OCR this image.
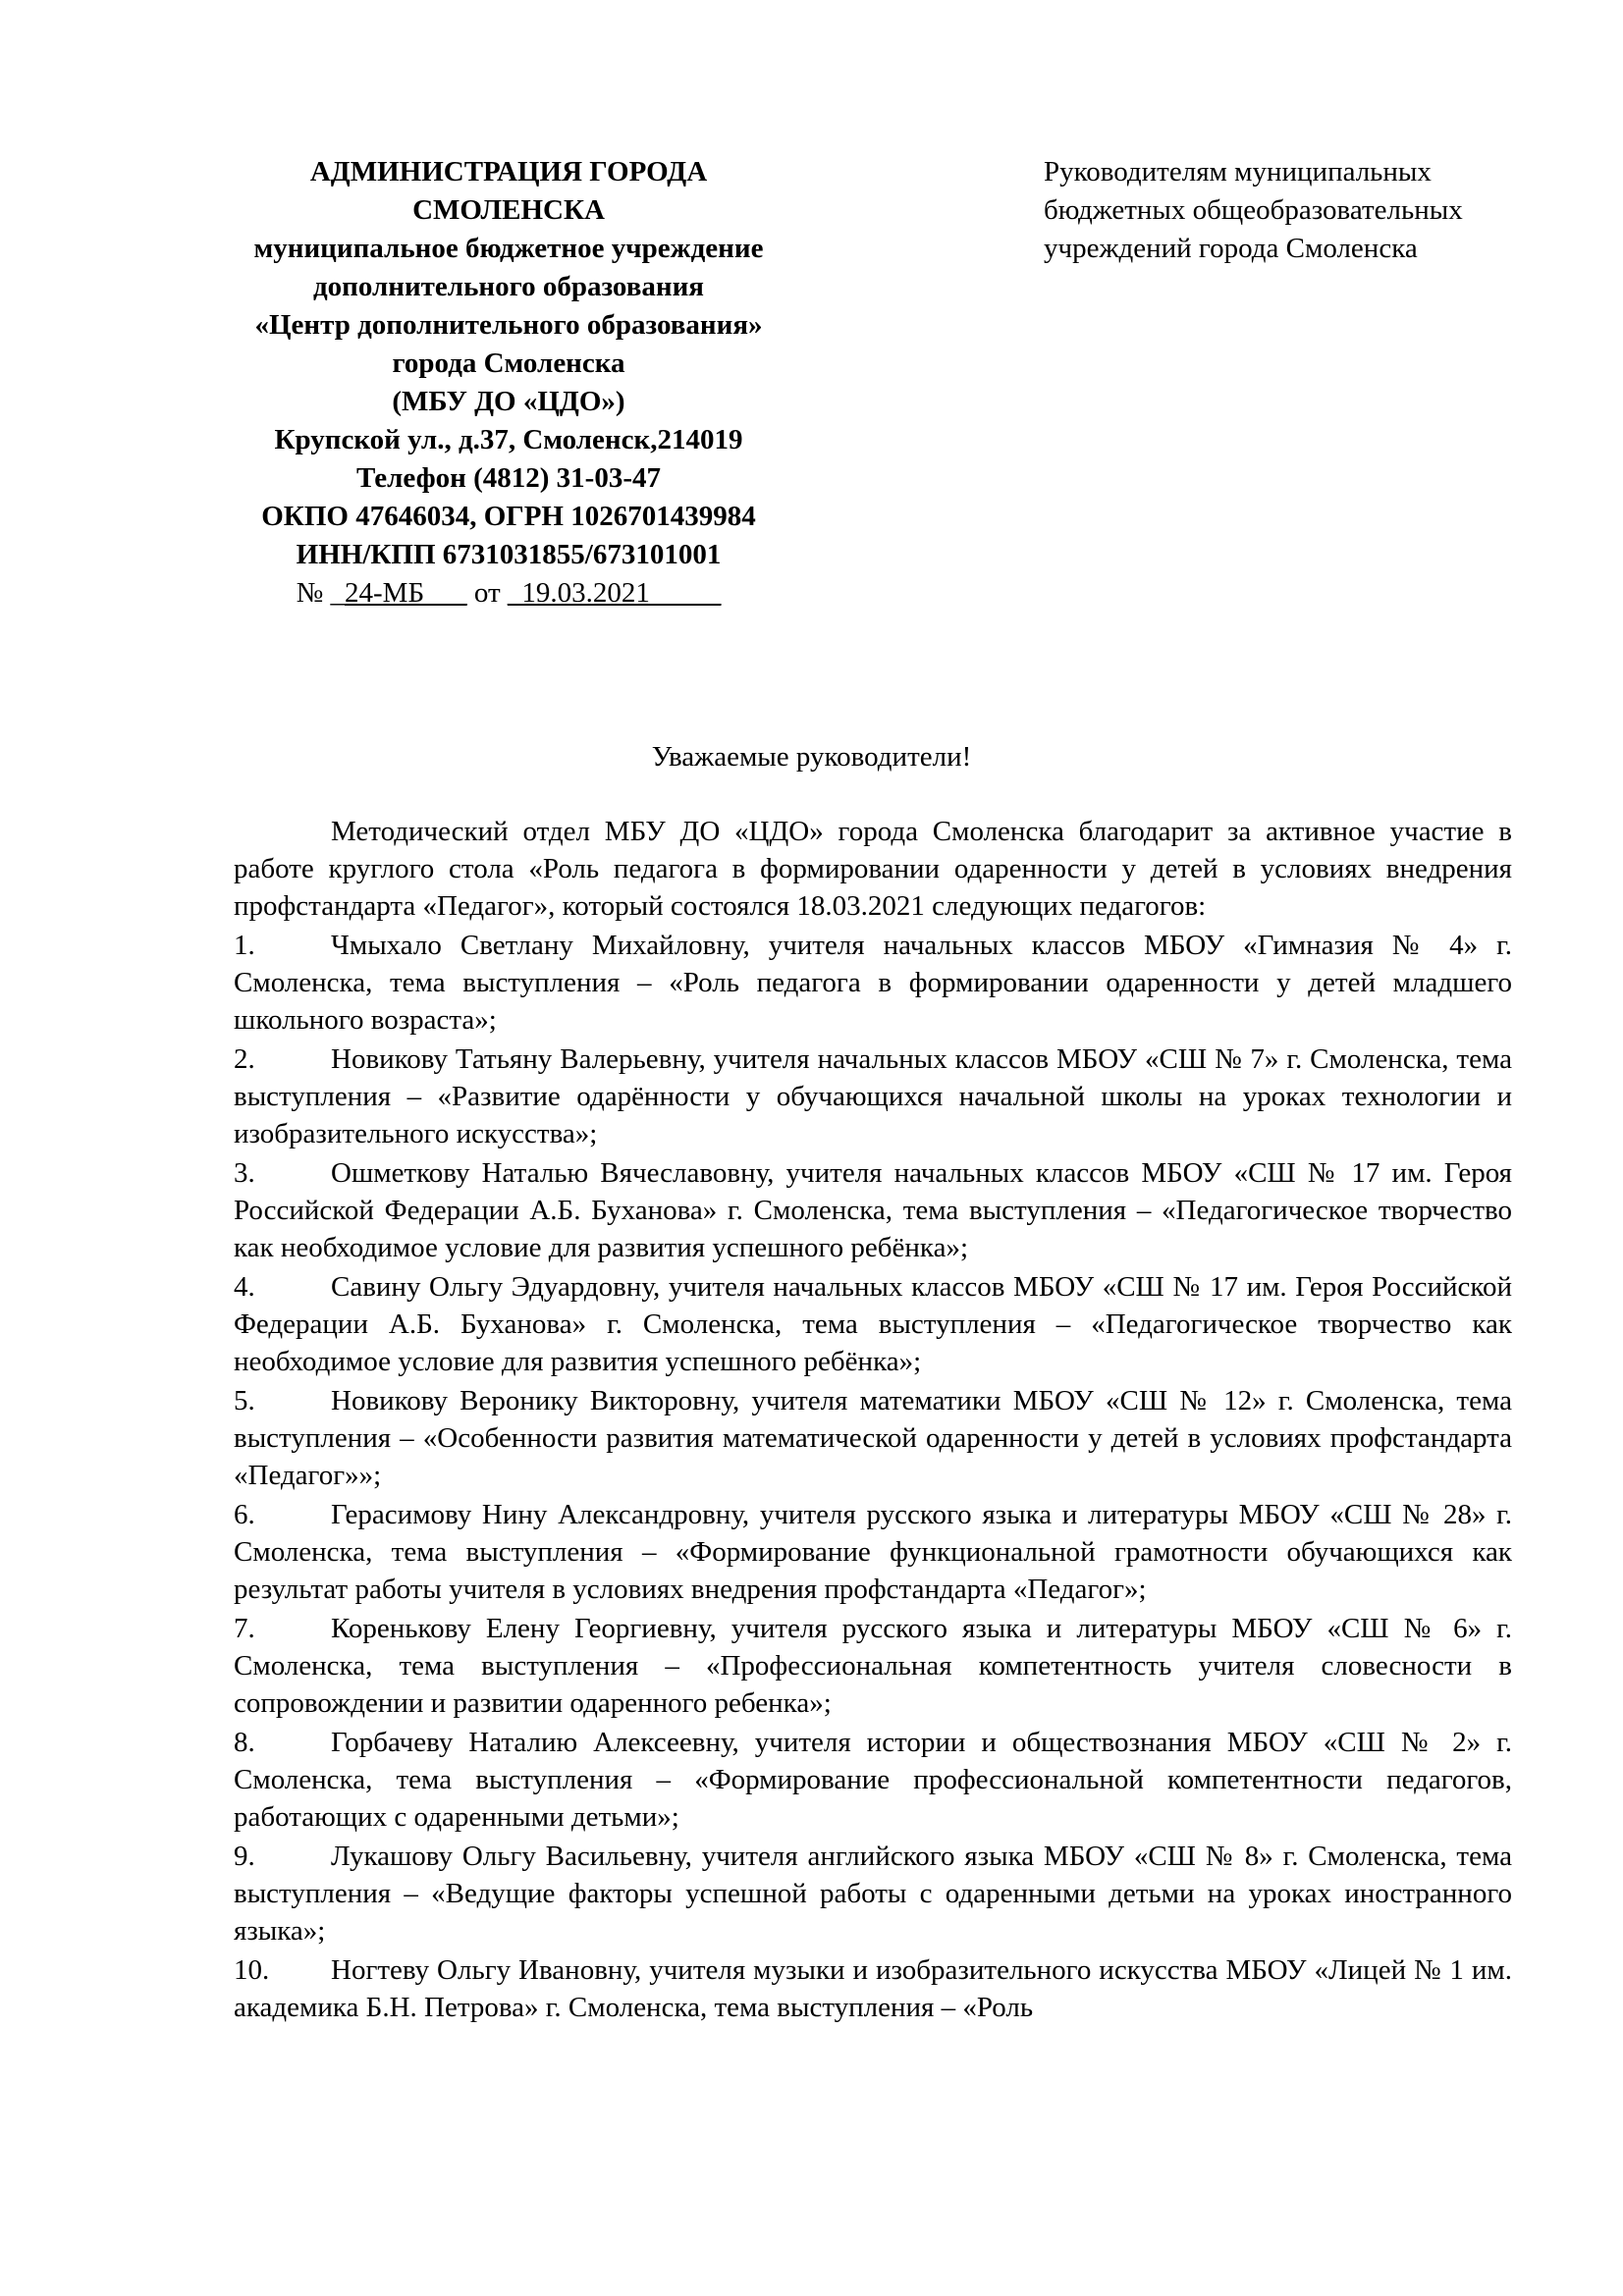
АДМИНИСТРАЦИЯ ГОРОДА
СМОЛЕНСКА
муниципальное бюджетное учреждение
дополнительного образования
«Центр дополнительного образования»
города Смоленска
(МБУ ДО «ЦДО»)
Крупской ул., д.37, Смоленск,214019
Телефон (4812) 31-03-47
ОКПО 47646034, ОГРН 1026701439984
ИНН/КПП 6731031855/673101001
№ _24-МБ___ от _19.03.2021_____
Руководителям муниципальных
бюджетных общеобразовательных
учреждений города Смоленска
Уважаемые руководители!

Методический отдел МБУ ДО «ЦДО» города Смоленска благодарит за активное участие в работе круглого стола «Роль педагога в формировании одаренности у детей в условиях внедрения профстандарта «Педагог», который состоялся 18.03.2021 следующих педагогов:

1.	Чмыхало Светлану Михайловну, учителя начальных классов МБОУ «Гимназия № 4» г. Смоленска, тема выступления – «Роль педагога в формировании одаренности у детей младшего школьного возраста»;

2.	Новикову Татьяну Валерьевну, учителя начальных классов МБОУ «СШ № 7» г. Смоленска, тема выступления – «Развитие одарённости у обучающихся начальной школы на уроках технологии и изобразительного искусства»;

3.	Ошметкову Наталью Вячеславовну, учителя начальных классов МБОУ «СШ № 17 им. Героя Российской Федерации А.Б. Буханова» г. Смоленска, тема выступления – «Педагогическое творчество как необходимое условие для развития успешного ребёнка»;

4.	Савину Ольгу Эдуардовну, учителя начальных классов МБОУ «СШ № 17 им. Героя Российской Федерации А.Б. Буханова» г. Смоленска, тема выступления – «Педагогическое творчество как необходимое условие для развития успешного ребёнка»;

5.	Новикову Веронику Викторовну, учителя математики МБОУ «СШ № 12» г. Смоленска, тема выступления – «Особенности развития математической одаренности у детей в условиях профстандарта «Педагог»»;

6.	Герасимову Нину Александровну, учителя русского языка и литературы МБОУ «СШ № 28» г. Смоленска, тема выступления – «Формирование функциональной грамотности обучающихся как результат работы учителя в условиях внедрения профстандарта «Педагог»;

7.	Коренькову Елену Георгиевну, учителя русского языка и литературы МБОУ «СШ № 6» г. Смоленска, тема выступления – «Профессиональная компетентность учителя словесности в сопровождении и развитии одаренного ребенка»;

8.	Горбачеву Наталию Алексеевну, учителя истории и обществознания МБОУ «СШ № 2» г. Смоленска, тема выступления – «Формирование профессиональной компетентности педагогов, работающих с одаренными детьми»;

9.	Лукашову Ольгу Васильевну, учителя английского языка МБОУ «СШ № 8» г. Смоленска, тема выступления – «Ведущие факторы успешной работы с одаренными детьми на уроках иностранного языка»;

10. Ногтеву Ольгу Ивановну, учителя музыки и изобразительного искусства МБОУ «Лицей № 1 им. академика Б.Н. Петрова» г. Смоленска, тема выступления – «Роль
